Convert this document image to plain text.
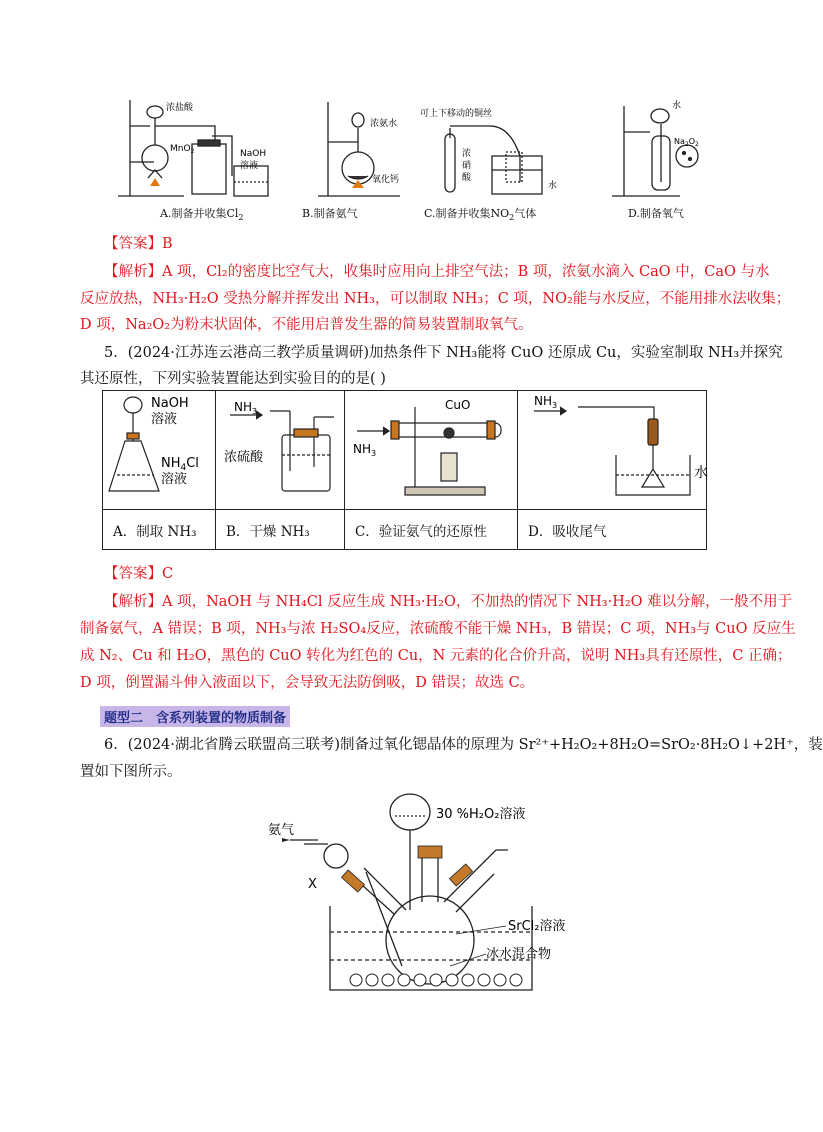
浓盐酸
MnO$_2$	NaOH
溶液
浓氨水
氧化钙
可上下移动的铜丝
浓
硝
酸
水
水
$Na_2O_2$
A.制备并收集$Cl_2$	B.制备氨气	C.制备并收集$NO_2$气体	D.制备氧气
【答案】B
【解析】A 项，Cl₂的密度比空气大，收集时应用向上排空气法；B 项，浓氨水滴入 CaO 中，CaO 与水
反应放热，NH₃·H₂O 受热分解并挥发出 NH₃，可以制取 NH₃；C 项，NO₂能与水反应，不能用排水法收集；
D 项，Na₂O₂为粉末状固体，不能用启普发生器的简易装置制取氧气。
5．(2024·江苏连云港高三教学质量调研)加热条件下 NH₃能将 CuO 还原成 Cu，实验室制取 NH₃并探究
其还原性，下列实验装置能达到实验目的的是( )
NaOH
溶液
$NH_4Cl$
溶液	$NH_3$
浓硫酸	CuO
$NH_3$	$NH_3$
水

A．制取 NH₃	B．干燥 NH₃	C．验证氨气的还原性	D．吸收尾气
【答案】C
【解析】A 项，NaOH 与 NH₄Cl 反应生成 NH₃·H₂O，不加热的情况下 NH₃·H₂O 难以分解，一般不用于
制备氨气，A 错误；B 项，NH₃与浓 H₂SO₄反应，浓硫酸不能干燥 NH₃，B 错误；C 项，NH₃与 CuO 反应生
成 N₂、Cu 和 H₂O，黑色的 CuO 转化为红色的 Cu，N 元素的化合价升高，说明 NH₃具有还原性，C 正确；
D 项，倒置漏斗伸入液面以下，会导致无法防倒吸，D 错误；故选 C。
题型二　含系列装置的物质制备
6．(2024·湖北省腾云联盟高三联考)制备过氧化锶晶体的原理为 Sr²⁺+H₂O₂+8H₂O=SrO₂·8H₂O↓+2H⁺，装
置如下图所示。
30 %H₂O₂溶液
氨气
X
SrCl₂溶液
冰水混合物
